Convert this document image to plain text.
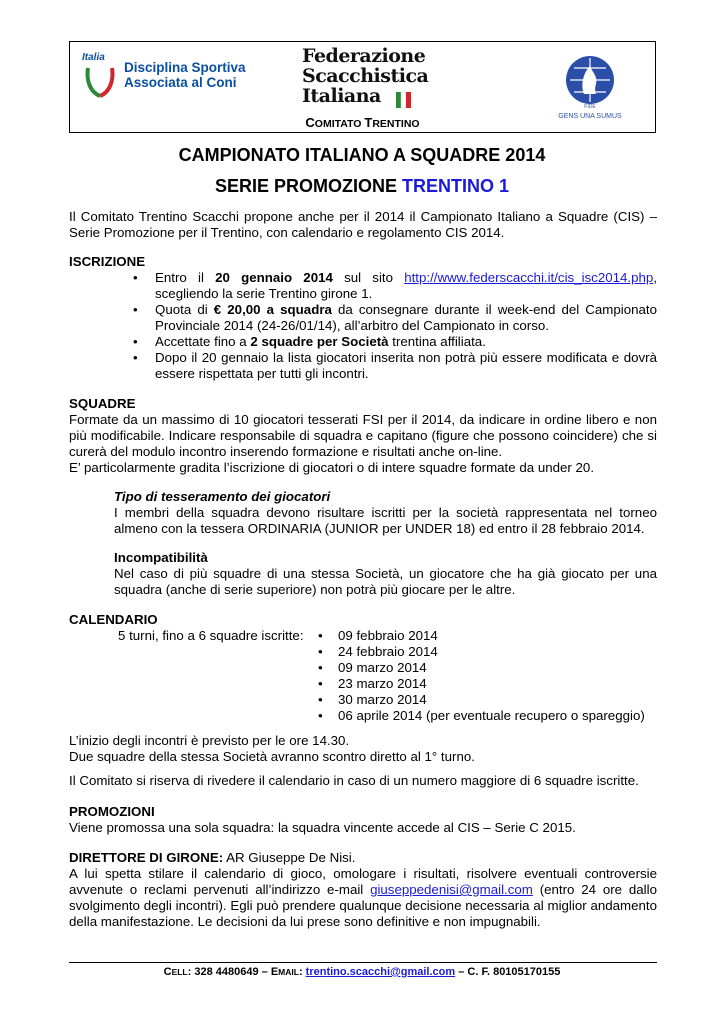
Italia
Disciplina Sportiva
Associata al Coni
Federazione
Scacchistica
Italiana	FIDE
GENS UNA SUMUS
COMITATO TRENTINO
CAMPIONATO ITALIANO A SQUADRE 2014
SERIE PROMOZIONE TRENTINO 1
Il Comitato Trentino Scacchi propone anche per il 2014 il Campionato Italiano a Squadre (CIS) – Serie Promozione per il Trentino, con calendario e regolamento CIS 2014.
ISCRIZIONE
• Entro il 20 gennaio 2014 sul sito http://www.federscacchi.it/cis_isc2014.php, scegliendo la serie Trentino girone 1.
• Quota di € 20,00 a squadra da consegnare durante il week-end del Campionato Provinciale 2014 (24-26/01/14), all’arbitro del Campionato in corso.
• Accettate fino a 2 squadre per Società trentina affiliata.
• Dopo il 20 gennaio la lista giocatori inserita non potrà più essere modificata e dovrà essere rispettata per tutti gli incontri.
SQUADRE
Formate da un massimo di 10 giocatori tesserati FSI per il 2014, da indicare in ordine libero e non più modificabile. Indicare responsabile di squadra e capitano (figure che possono coincidere) che si curerà del modulo incontro inserendo formazione e risultati anche on-line.
E’ particolarmente gradita l’iscrizione di giocatori o di intere squadre formate da under 20.
Tipo di tesseramento dei giocatori
I membri della squadra devono risultare iscritti per la società rappresentata nel torneo almeno con la tessera ORDINARIA (JUNIOR per UNDER 18) ed entro il 28 febbraio 2014.
Incompatibilità
Nel caso di più squadre di una stessa Società, un giocatore che ha già giocato per una squadra (anche di serie superiore) non potrà più giocare per le altre.
CALENDARIO
5 turni, fino a 6 squadre iscritte:
•	09 febbraio 2014
• 24 febbraio 2014
• 09 marzo 2014
• 23 marzo 2014
• 30 marzo 2014
• 06 aprile 2014 (per eventuale recupero o spareggio)
L’inizio degli incontri è previsto per le ore 14.30.
Due squadre della stessa Società avranno scontro diretto al 1° turno.
Il Comitato si riserva di rivedere il calendario in caso di un numero maggiore di 6 squadre iscritte.
PROMOZIONI
Viene promossa una sola squadra: la squadra vincente accede al CIS – Serie C 2015.
DIRETTORE DI GIRONE: AR Giuseppe De Nisi.
A lui spetta stilare il calendario di gioco, omologare i risultati, risolvere eventuali controversie avvenute o reclami pervenuti all’indirizzo e-mail giuseppedenisi@gmail.com (entro 24 ore dallo svolgimento degli incontri). Egli può prendere qualunque decisione necessaria al miglior andamento della manifestazione. Le decisioni da lui prese sono definitive e non impugnabili.
CELL: 328 4480649 – EMAIL: trentino.scacchi@gmail.com – C. F. 80105170155
